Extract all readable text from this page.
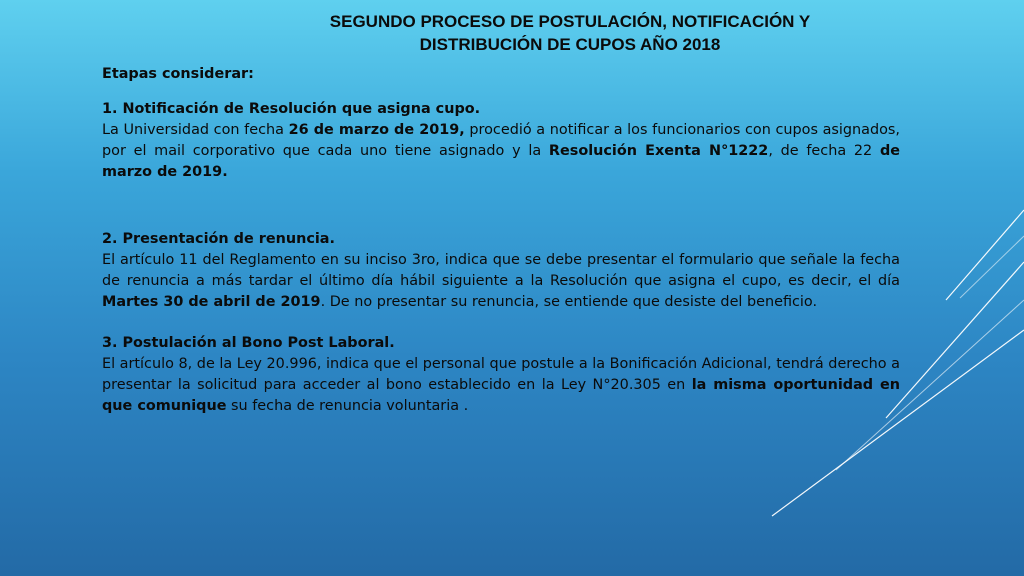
SEGUNDO PROCESO DE POSTULACIÓN, NOTIFICACIÓN Y
DISTRIBUCIÓN DE CUPOS AÑO 2018

Etapas considerar:

1. Notificación de Resolución que asigna cupo.

La Universidad con fecha 26 de marzo de 2019, procedió a notificar a los funcionarios con cupos asignados, por el mail corporativo que cada uno tiene asignado y la Resolución Exenta N°1222, de fecha 22 de marzo de 2019.

2. Presentación de renuncia.

El artículo 11 del Reglamento en su inciso 3ro, indica que se debe presentar el formulario que señale la fecha de renuncia a más tardar el último día hábil siguiente a la Resolución que asigna el cupo, es decir, el día Martes 30 de abril de 2019. De no presentar su renuncia, se entiende que desiste del beneficio.

3. Postulación al Bono Post Laboral.

El artículo 8, de la Ley 20.996, indica que el personal que postule a la Bonificación Adicional, tendrá derecho a presentar la solicitud para acceder al bono establecido en la Ley N°20.305 en la misma oportunidad en que comunique su fecha de renuncia voluntaria .
